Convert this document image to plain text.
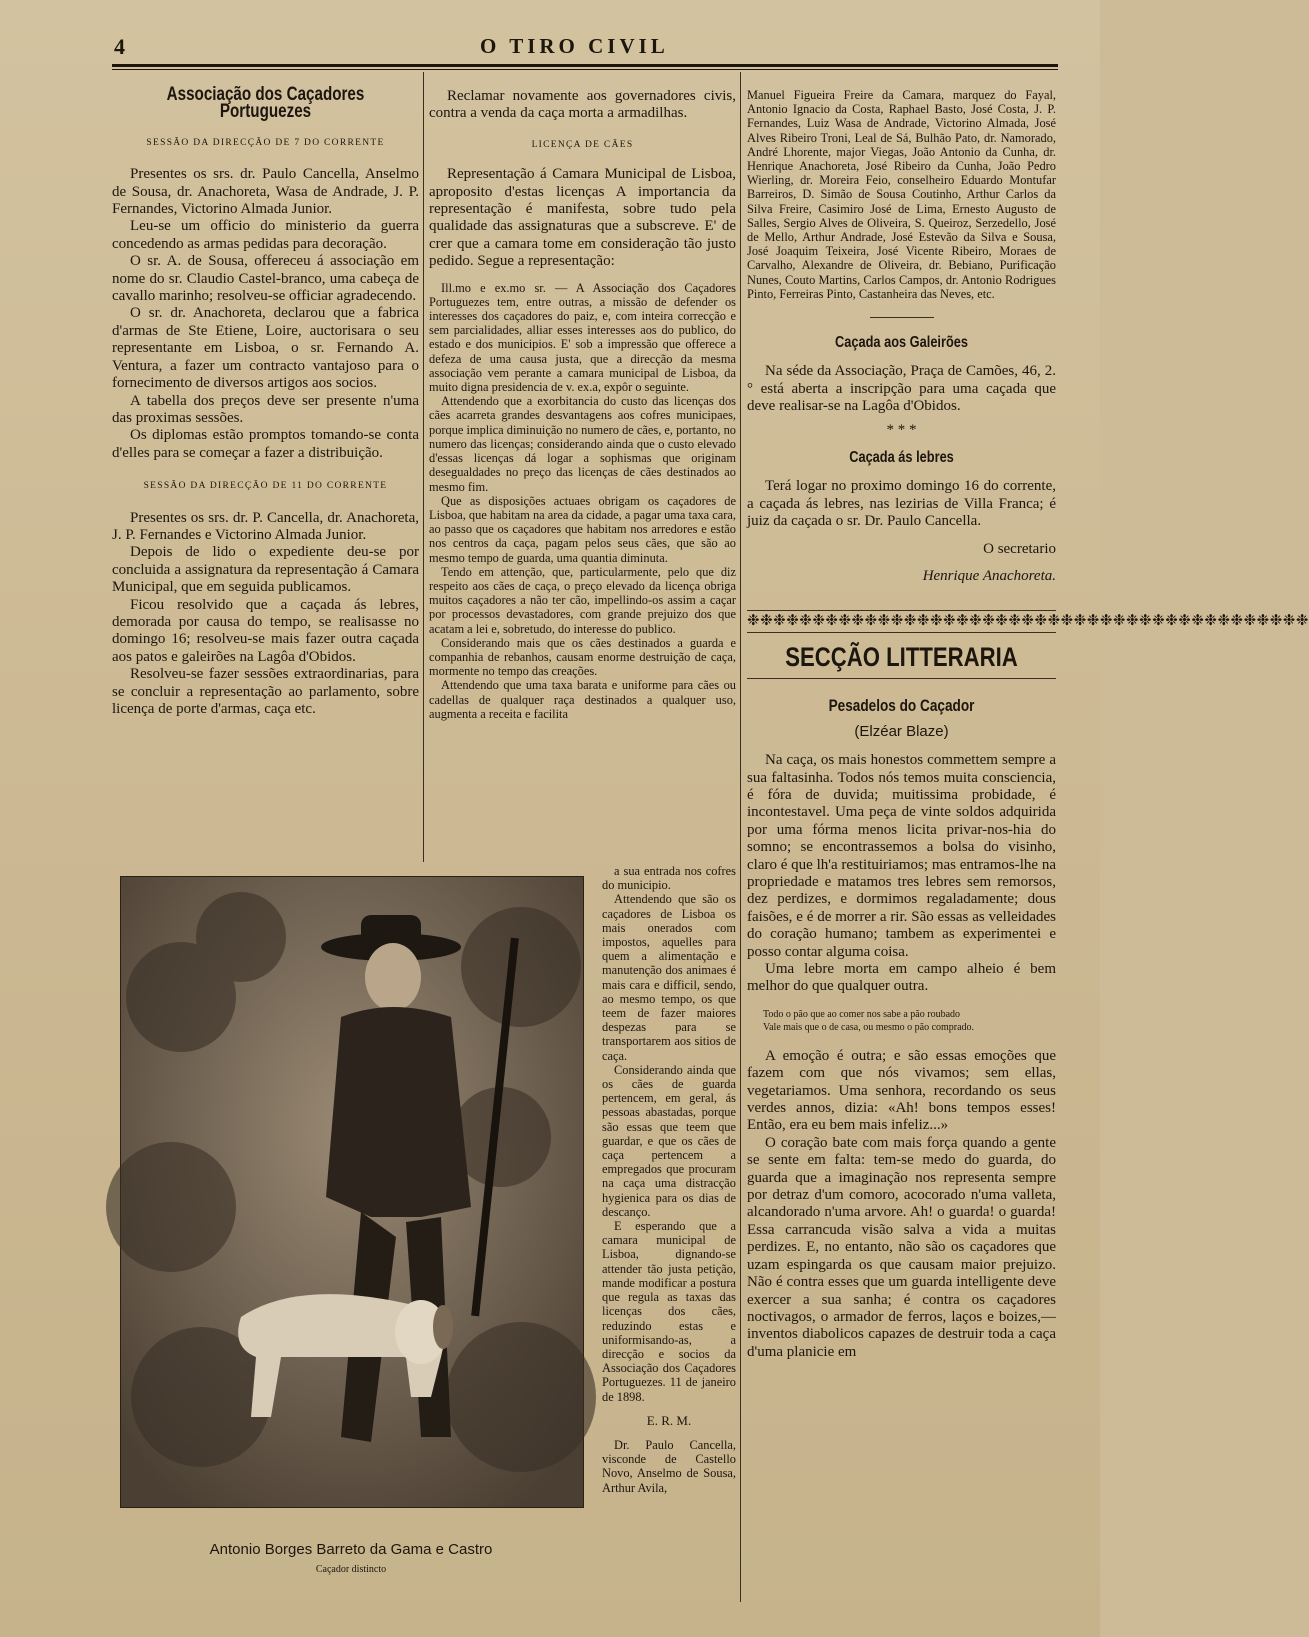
4	O TIRO CIVIL
Associação dos Caçadores Portuguezes
SESSÃO DA DIRECÇÃO DE 7 DO CORRENTE

Presentes os srs. dr. Paulo Cancella, Anselmo de Sousa, dr. Anachoreta, Wasa de Andrade, J. P. Fernandes, Victorino Almada Junior.

Leu-se um officio do ministerio da guerra concedendo as armas pedidas para decoração.

O sr. A. de Sousa, offereceu á associação em nome do sr. Claudio Castel-branco, uma cabeça de cavallo marinho; resolveu-se officiar agradecendo.

O sr. dr. Anachoreta, declarou que a fabrica d'armas de Ste Etiene, Loire, auctorisara o seu representante em Lisboa, o sr. Fernando A. Ventura, a fazer um contracto vantajoso para o fornecimento de diversos artigos aos socios.

A tabella dos preços deve ser presente n'uma das proximas sessões.

Os diplomas estão promptos tomando-se conta d'elles para se começar a fazer a distribuição.

SESSÃO DA DIRECÇÃO DE 11 DO CORRENTE

Presentes os srs. dr. P. Cancella, dr. Anachoreta, J. P. Fernandes e Victorino Almada Junior.

Depois de lido o expediente deu-se por concluida a assignatura da representação á Camara Municipal, que em seguida publicamos.

Ficou resolvido que a caçada ás lebres, demorada por causa do tempo, se realisasse no domingo 16; resolveu-se mais fazer outra caçada aos patos e galeirões na Lagôa d'Obidos.

Resolveu-se fazer sessões extraordinarias, para se concluir a representação ao parlamento, sobre licença de porte d'armas, caça etc.

Reclamar novamente aos governadores civis, contra a venda da caça morta a armadilhas.

LICENÇA DE CÃES

Representação á Camara Municipal de Lisboa, aproposito d'estas licenças A importancia da representação é manifesta, sobre tudo pela qualidade das assignaturas que a subscreve. E' de crer que a camara tome em consideração tão justo pedido. Segue a representação:

Ill.mo e ex.mo sr. — A Associação dos Caçadores Portuguezes tem, entre outras, a missão de defender os interesses dos caçadores do paiz, e, com inteira correcção e sem parcialidades, alliar esses interesses aos do publico, do estado e dos municipios. E' sob a impressão que offerece a defeza de uma causa justa, que a direcção da mesma associação vem perante a camara municipal de Lisboa, da muito digna presidencia de v. ex.a, expôr o seguinte.

Attendendo que a exorbitancia do custo das licenças dos cães acarreta grandes desvantagens aos cofres municipaes, porque implica diminuição no numero de cães, e, portanto, no numero das licenças; considerando ainda que o custo elevado d'essas licenças dá logar a sophismas que originam desegualdades no preço das licenças de cães destinados ao mesmo fim.

Que as disposições actuaes obrigam os caçadores de Lisboa, que habitam na area da cidade, a pagar uma taxa cara, ao passo que os caçadores que habitam nos arredores e estão nos centros da caça, pagam pelos seus cães, que são ao mesmo tempo de guarda, uma quantia diminuta.

Tendo em attenção, que, particularmente, pelo que diz respeito aos cães de caça, o preço elevado da licença obriga muitos caçadores a não ter cão, impellindo-os assim a caçar por processos devastadores, com grande prejuizo dos que acatam a lei e, sobretudo, do interesse do publico.

Considerando mais que os cães destinados a guarda e companhia de rebanhos, causam enorme destruição de caça, mormente no tempo das creações.

Attendendo que uma taxa barata e uniforme para cães ou cadellas de qualquer raça destinados a qualquer uso, augmenta a receita e facilita

a sua entrada nos cofres do municipio.

Attendendo que são os caçadores de Lisboa os mais onerados com impostos, aquelles para quem a alimentação e manutenção dos animaes é mais cara e difficil, sendo, ao mesmo tempo, os que teem de fazer maiores despezas para se transportarem aos sitios de caça.

Considerando ainda que os cães de guarda pertencem, em geral, ás pessoas abastadas, porque são essas que teem que guardar, e que os cães de caça pertencem a empregados que procuram na caça uma distracção hygienica para os dias de descanço.

E esperando que a camara municipal de Lisboa, dignando-se attender tão justa petição, mande modificar a postura que regula as taxas das licenças dos cães, reduzindo estas e uniformisando-as, a direcção e socios da Associação dos Caçadores Portuguezes. 11 de janeiro de 1898.

E. R. M.

Dr. Paulo Cancella, visconde de Castello Novo, Anselmo de Sousa, Arthur Avila,

Antonio Borges Barreto da Gama e Castro
Caçador distincto

Manuel Figueira Freire da Camara, marquez do Fayal, Antonio Ignacio da Costa, Raphael Basto, José Costa, J. P. Fernandes, Luiz Wasa de Andrade, Victorino Almada, José Alves Ribeiro Troni, Leal de Sá, Bulhão Pato, dr. Namorado, André Lhorente, major Viegas, João Antonio da Cunha, dr. Henrique Anachoreta, José Ribeiro da Cunha, João Pedro Wierling, dr. Moreira Feio, conselheiro Eduardo Montufar Barreiros, D. Simão de Sousa Coutinho, Arthur Carlos da Silva Freire, Casimiro José de Lima, Ernesto Augusto de Salles, Sergio Alves de Oliveira, S. Queiroz, Serzedello, José de Mello, Arthur Andrade, José Estevão da Silva e Sousa, José Joaquim Teixeira, José Vicente Ribeiro, Moraes de Carvalho, Alexandre de Oliveira, dr. Bebiano, Purificação Nunes, Couto Martins, Carlos Campos, dr. Antonio Rodrigues Pinto, Ferreiras Pinto, Castanheira das Neves, etc.

Caçada aos Galeirões

Na séde da Associação, Praça de Camões, 46, 2.° está aberta a inscripção para uma caçada que deve realisar-se na Lagôa d'Obidos.

* * *
Caçada ás lebres

Terá logar no proximo domingo 16 do corrente, a caçada ás lebres, nas lezirias de Villa Franca; é juiz da caçada o sr. Dr. Paulo Cancella.

O secretario

Henrique Anachoreta.

❉❉❉❉❉❉❉❉❉❉❉❉❉❉❉❉❉❉❉❉❉❉❉❉❉❉❉❉❉❉❉❉❉❉❉❉❉❉❉❉❉❉❉
SECÇÃO LITTERARIA
Pesadelos do Caçador
(Elzéar Blaze)

Na caça, os mais honestos commettem sempre a sua faltasinha. Todos nós temos muita consciencia, é fóra de duvida; muitissima probidade, é incontestavel. Uma peça de vinte soldos adquirida por uma fórma menos licita privar-nos-hia do somno; se encontrassemos a bolsa do visinho, claro é que lh'a restituiriamos; mas entramos-lhe na propriedade e matamos tres lebres sem remorsos, dez perdizes, e dormimos regaladamente; dous faisões, e é de morrer a rir. São essas as velleidades do coração humano; tambem as experimentei e posso contar alguma coisa.

Uma lebre morta em campo alheio é bem melhor do que qualquer outra.

Todo o pão que ao comer nos sabe a pão roubado
Vale mais que o de casa, ou mesmo o pão comprado.

A emoção é outra; e são essas emoções que fazem com que nós vivamos; sem ellas, vegetariamos. Uma senhora, recordando os seus verdes annos, dizia: «Ah! bons tempos esses! Então, era eu bem mais infeliz...»

O coração bate com mais força quando a gente se sente em falta: tem-se medo do guarda, do guarda que a imaginação nos representa sempre por detraz d'um comoro, acocorado n'uma valleta, alcandorado n'uma arvore. Ah! o guarda! o guarda! Essa carrancuda visão salva a vida a muitas perdizes. E, no entanto, não são os caçadores que uzam espingarda os que causam maior prejuizo. Não é contra esses que um guarda intelligente deve exercer a sua sanha; é contra os caçadores noctivagos, o armador de ferros, laços e boizes,—inventos diabolicos capazes de destruir toda a caça d'uma planicie em
